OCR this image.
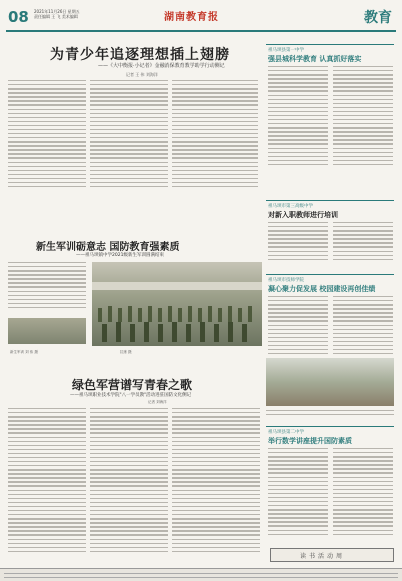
08 2021年11月26日 星期五
责任编辑 王 飞 美术编辑	湖南教育报	教育
为青少年追逐理想插上翅膀
——《大中衡报·小记者》金融消保教育教学助学行动侧记
记者 王 伟 刘海洋
新生军训砺意志 国防教育强素质
——祖马坝镇中学2021级新生军训圆满结束
新生军训 刘 伟 摄	拉练 摄
绿色军营谱写青春之歌
——祖马坝职业技术学院"八一学员教"活动进驻国防文化侧记
记者 刘海洋
祖马坝县第一中学
强县城科学教育 认真抓好落实
祖马坝市第三高级中学
对新入职教师进行培训
祖马坝市技师学院
凝心聚力促发展 校园建设再创佳绩
祖马坝县第二中学
举行数学讲座提升国防素质
读书活动周
